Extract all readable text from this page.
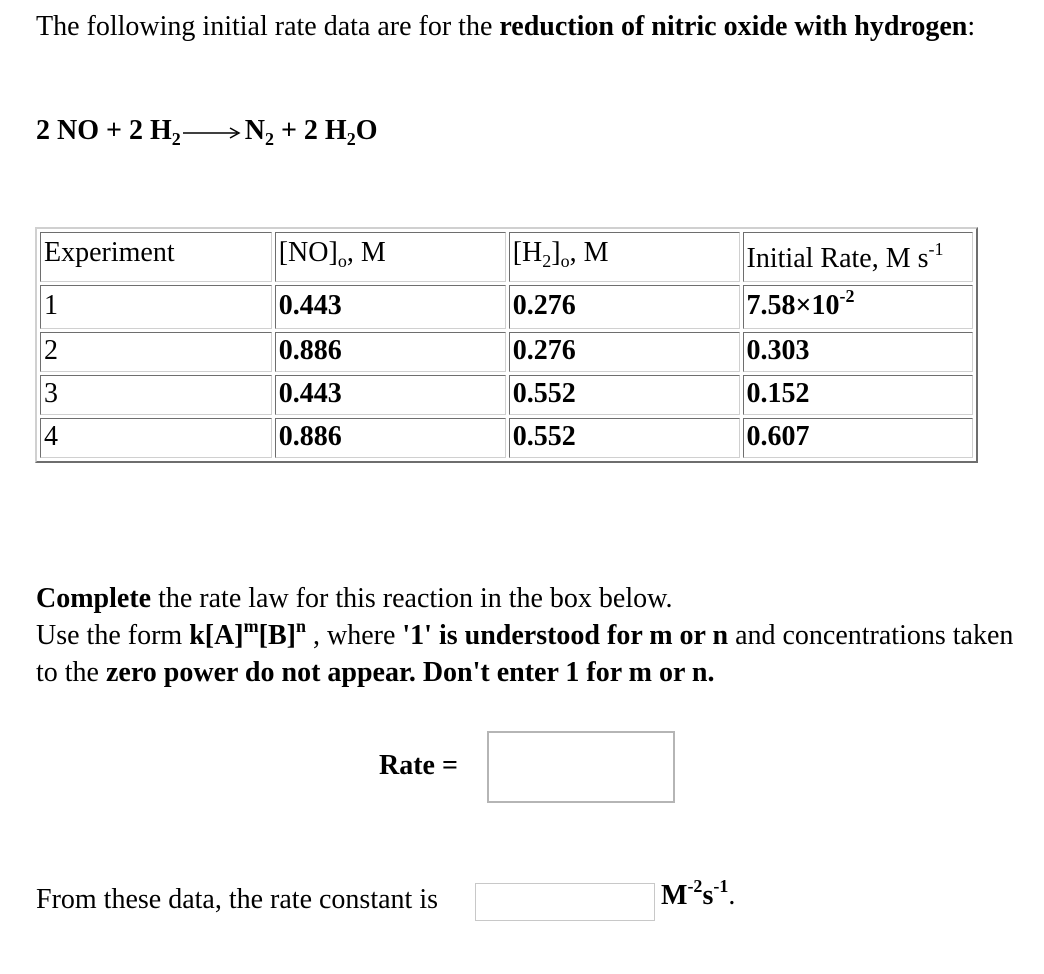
The following initial rate data are for the reduction of nitric oxide with hydrogen:
2 NO + 2 $H_2 \to N_2 + 2$ $H_2O$
Experiment	$[NO]_o$, M	$[H_2]_o$, M	Initial Rate, M $s^{-1}$
1	0.443	0.276	$7.58\times 10^{-2}$
2	0.886	0.276	0.303
3	0.443	0.552	0.152
4	0.886	0.552	0.607
Complete the rate law for this reaction in the box below.
Use the form $k[A]^m[B]^n$ , where '1' is understood for m or n and concentrations taken to the zero power do not appear. Don't enter 1 for m or n.
Rate =
From these data, the rate constant is	$M^{-2}s^{-1}$.
